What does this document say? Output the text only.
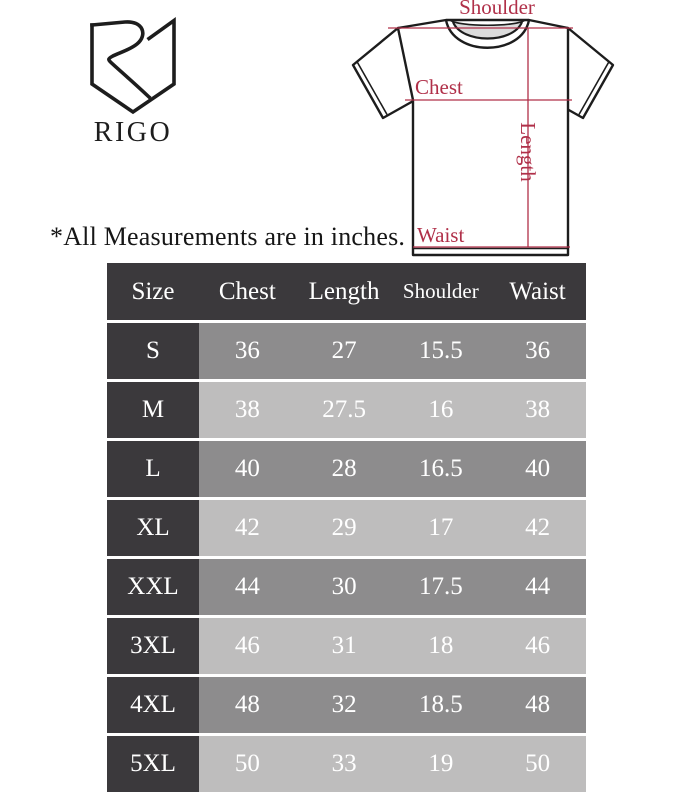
RIGO
Shoulder
Chest
Length
Waist
*All Measurements are in inches.
Size	Chest	Length	Shoulder	Waist
S	36	27	15.5	36
M	38	27.5	16	38
L	40	28	16.5	40
XL	42	29	17	42
XXL	44	30	17.5	44
3XL	46	31	18	46
4XL	48	32	18.5	48
5XL	50	33	19	50
